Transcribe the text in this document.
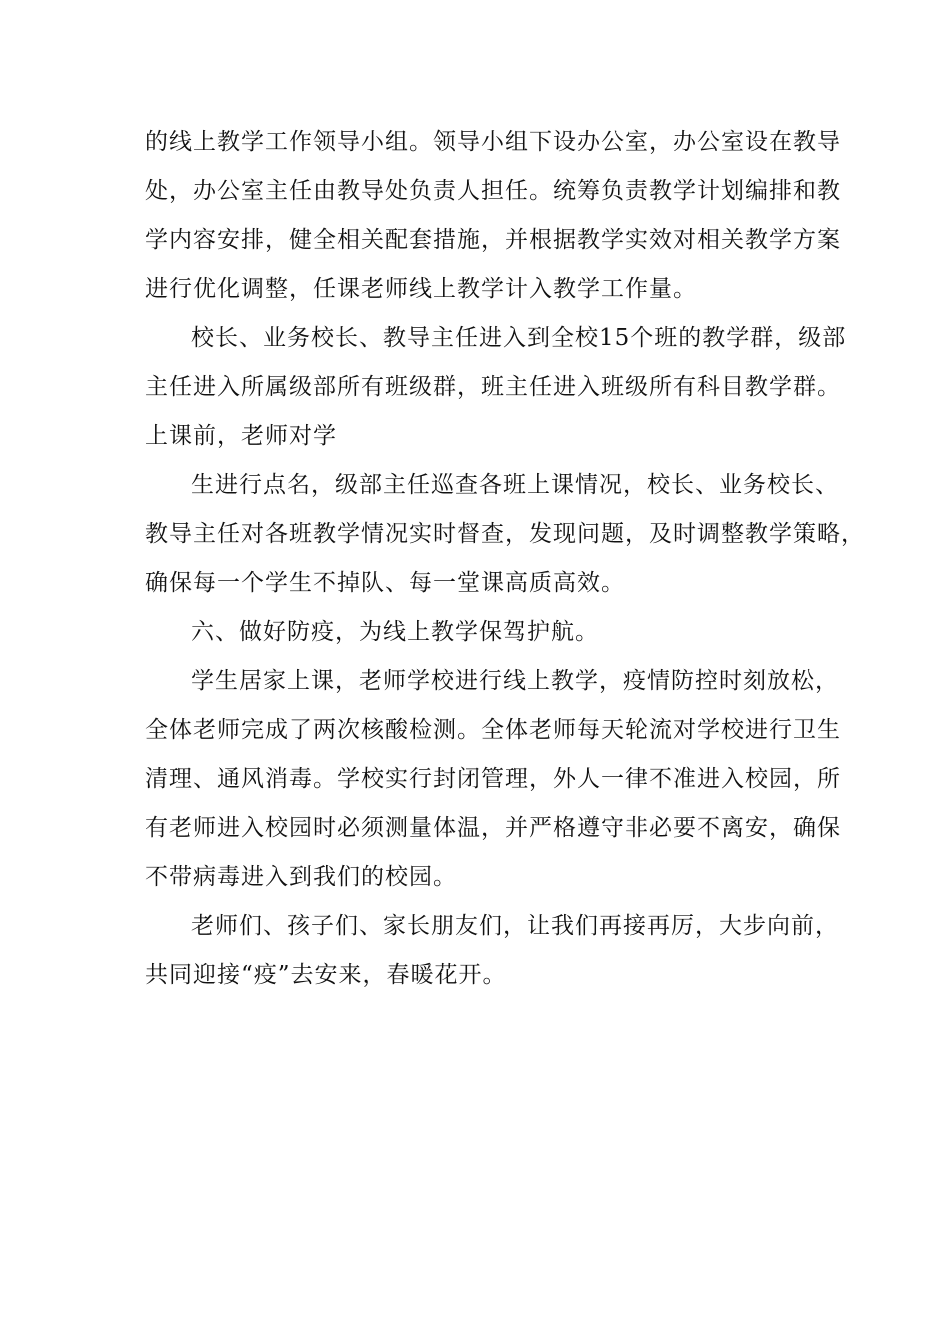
的线上教学工作领导小组。领导小组下设办公室，办公室设在教导
处，办公室主任由教导处负责人担任。统筹负责教学计划编排和教
学内容安排，健全相关配套措施，并根据教学实效对相关教学方案
进行优化调整，任课老师线上教学计入教学工作量。
校长、业务校长、教导主任进入到全校15个班的教学群，级部
主任进入所属级部所有班级群，班主任进入班级所有科目教学群。
上课前，老师对学
生进行点名，级部主任巡查各班上课情况，校长、业务校长、
教导主任对各班教学情况实时督查，发现问题，及时调整教学策略，
确保每一个学生不掉队、每一堂课高质高效。
六、做好防疫，为线上教学保驾护航。
学生居家上课，老师学校进行线上教学，疫情防控时刻放松，
全体老师完成了两次核酸检测。全体老师每天轮流对学校进行卫生
清理、通风消毒。学校实行封闭管理，外人一律不准进入校园，所
有老师进入校园时必须测量体温，并严格遵守非必要不离安，确保
不带病毒进入到我们的校园。
老师们、孩子们、家长朋友们，让我们再接再厉，大步向前，
共同迎接“疫”去安来，春暖花开。
